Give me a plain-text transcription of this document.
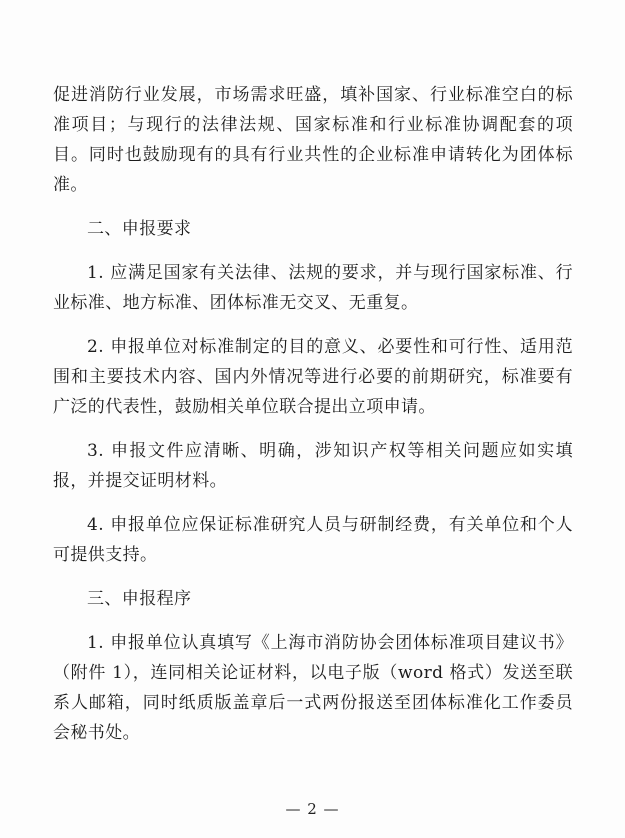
促进消防行业发展，市场需求旺盛，填补国家、行业标准空白的标准项目；与现行的法律法规、国家标准和行业标准协调配套的项目。同时也鼓励现有的具有行业共性的企业标准申请转化为团体标准。

二、申报要求

1. 应满足国家有关法律、法规的要求，并与现行国家标准、行业标准、地方标准、团体标准无交叉、无重复。

2. 申报单位对标准制定的目的意义、必要性和可行性、适用范围和主要技术内容、国内外情况等进行必要的前期研究，标准要有广泛的代表性，鼓励相关单位联合提出立项申请。

3. 申报文件应清晰、明确，涉知识产权等相关问题应如实填报，并提交证明材料。

4. 申报单位应保证标准研究人员与研制经费，有关单位和个人可提供支持。

三、申报程序

1. 申报单位认真填写《上海市消防协会团体标准项目建议书》（附件 1），连同相关论证材料，以电子版（word 格式）发送至联系人邮箱，同时纸质版盖章后一式两份报送至团体标准化工作委员会秘书处。

— 2 —
